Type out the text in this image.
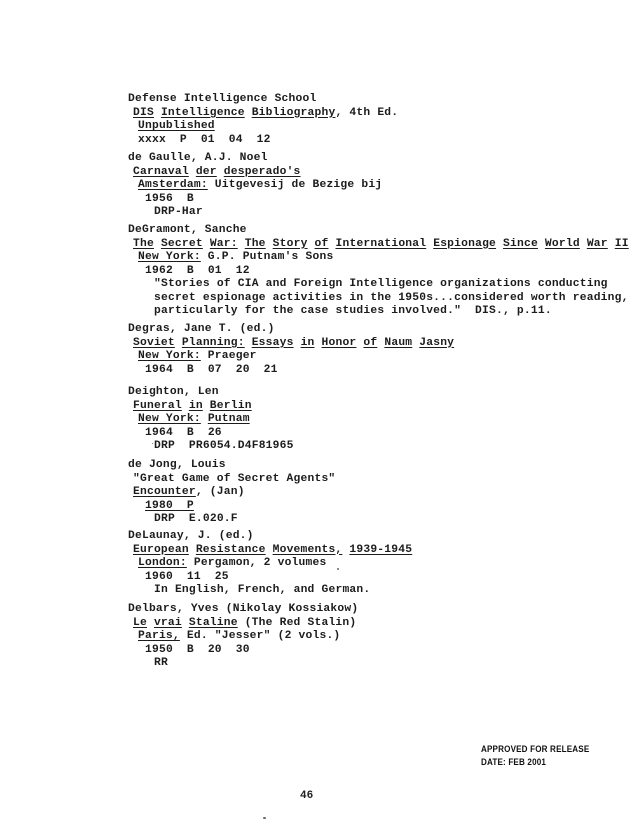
Defense Intelligence School
DIS Intelligence Bibliography, 4th Ed.
Unpublished
xxxx  P  01  04  12
de Gaulle, A.J. Noel
Carnaval der desperado's
Amsterdam: Uitgevesij de Bezige bij
1956  B
DRP-Har
DeGramont, Sanche
The Secret War: The Story of International Espionage Since World War II
New York: G.P. Putnam's Sons
1962  B  01  12
"Stories of CIA and Foreign Intelligence organizations conducting
secret espionage activities in the 1950s...considered worth reading,
particularly for the case studies involved."  DIS., p.11.
Degras, Jane T. (ed.)
Soviet Planning: Essays in Honor of Naum Jasny
New York: Praeger
1964  B  07  20  21
Deighton, Len
Funeral in Berlin
New York: Putnam
1964  B  26
DRP  PR6054.D4F81965
de Jong, Louis
"Great Game of Secret Agents"
Encounter, (Jan)
1980  P
DRP  E.020.F
DeLaunay, J. (ed.)
European Resistance Movements, 1939-1945
London: Pergamon, 2 volumes
1960  11  25
In English, French, and German.
Delbars, Yves (Nikolay Kossiakow)
Le vrai Staline (The Red Stalin)
Paris, Ed. "Jesser" (2 vols.)
1950  B  20  30
RR
APPROVED FOR RELEASE
DATE: FEB 2001
46
